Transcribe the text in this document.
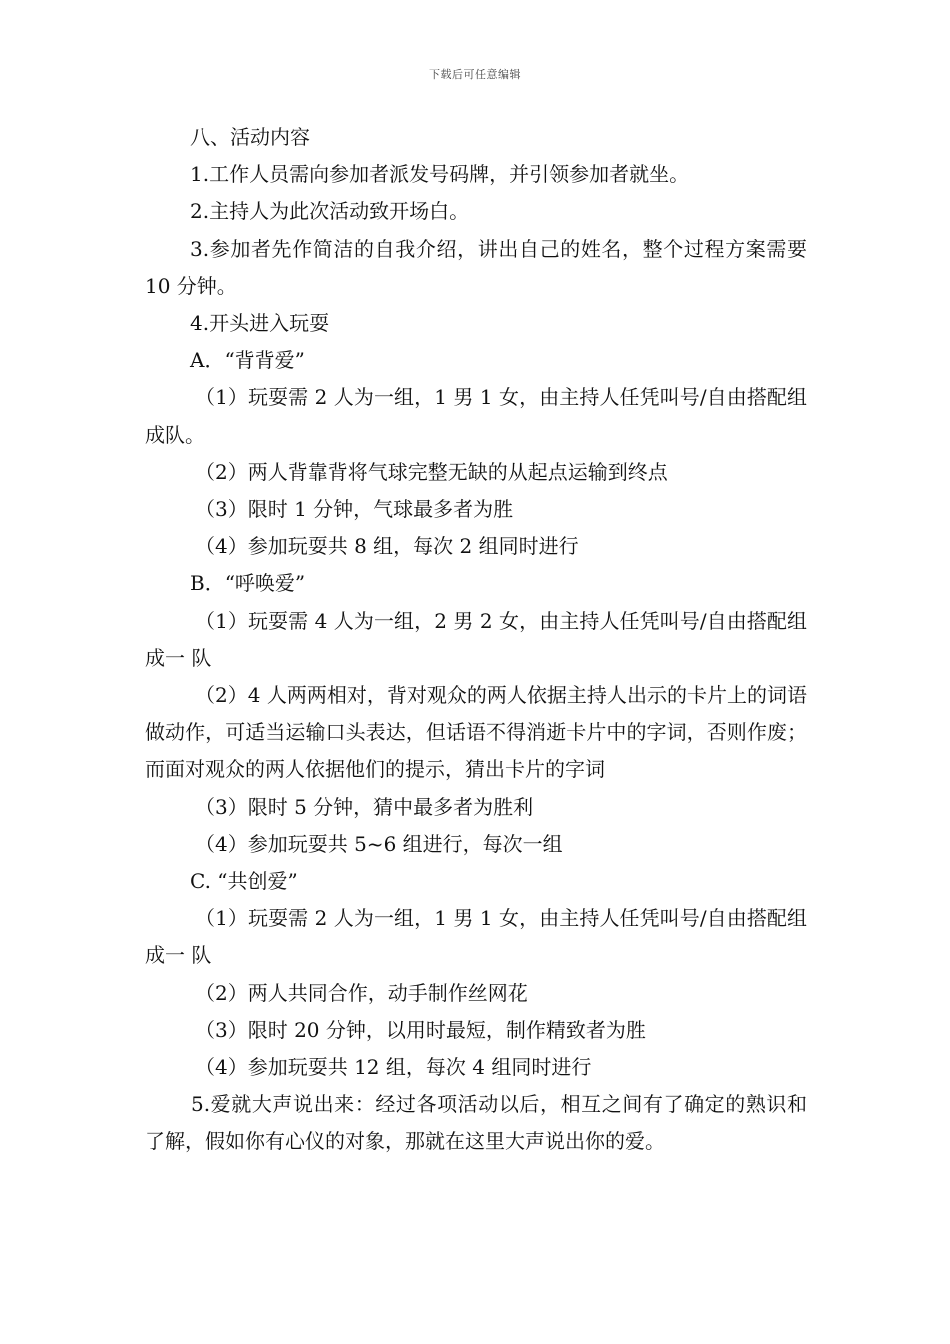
下载后可任意编辑

八、活动内容

1.工作人员需向参加者派发号码牌，并引领参加者就坐。

2.主持人为此次活动致开场白。

3.参加者先作简洁的自我介绍，讲出自己的姓名，整个过程方案需要 10 分钟。

4.开头进入玩耍

A．“背背爱”

（1）玩耍需 2 人为一组，1 男 1 女，由主持人任凭叫号/自由搭配组成队。

（2）两人背靠背将气球完整无缺的从起点运输到终点

（3）限时 1 分钟，气球最多者为胜

（4）参加玩耍共 8 组，每次 2 组同时进行

B．“呼唤爱”

（1）玩耍需 4 人为一组，2 男 2 女，由主持人任凭叫号/自由搭配组成一 队

（2）4 人两两相对，背对观众的两人依据主持人出示的卡片上的词语做动作，可适当运输口头表达，但话语不得消逝卡片中的字词，否则作废；而面对观众的两人依据他们的提示，猜出卡片的字词

（3）限时 5 分钟，猜中最多者为胜利

（4）参加玩耍共 5~6 组进行，每次一组

C. “共创爱”

（1）玩耍需 2 人为一组，1 男 1 女，由主持人任凭叫号/自由搭配组成一 队

（2）两人共同合作，动手制作丝网花

（3）限时 20 分钟，以用时最短，制作精致者为胜

（4）参加玩耍共 12 组，每次 4 组同时进行

5.爱就大声说出来：经过各项活动以后，相互之间有了确定的熟识和了解，假如你有心仪的对象，那就在这里大声说出你的爱。
